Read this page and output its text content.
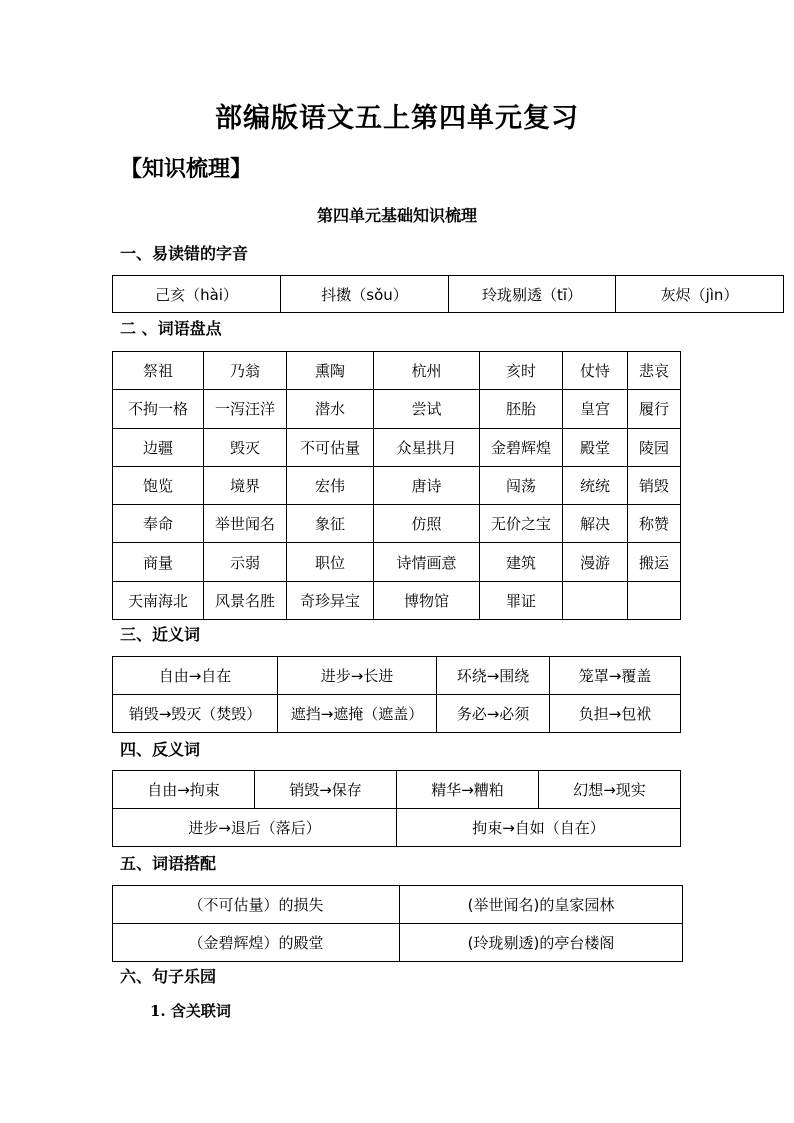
部编版语文五上第四单元复习
【知识梳理】
第四单元基础知识梳理
一、易读错的字音
己亥（hài）	抖擞（sǒu）	玲珑剔透（tī）	灰烬（jìn）
二 、词语盘点
祭祖	乃翁	熏陶	杭州	亥时	仗恃	悲哀
不拘一格	一泻汪洋	潜水	尝试	胚胎	皇宫	履行
边疆	毁灭	不可估量	众星拱月	金碧辉煌	殿堂	陵园
饱览	境界	宏伟	唐诗	闯荡	统统	销毁
奉命	举世闻名	象征	仿照	无价之宝	解决	称赞
商量	示弱	职位	诗情画意	建筑	漫游	搬运
天南海北	风景名胜	奇珍异宝	博物馆	罪证		
三、近义词
自由→自在	进步→长进	环绕→围绕	笼罩→覆盖
销毁→毁灭（焚毁）	遮挡→遮掩（遮盖）	务必→必须	负担→包袱
四、反义词
自由→拘束	销毁→保存	精华→糟粕	幻想→现实
进步→退后（落后）		拘束→自如（自在）	
五、词语搭配
（不可估量）的损失	(举世闻名)的皇家园林
（金碧辉煌）的殿堂	(玲珑剔透)的亭台楼阁
六、句子乐园
1. 含关联词
